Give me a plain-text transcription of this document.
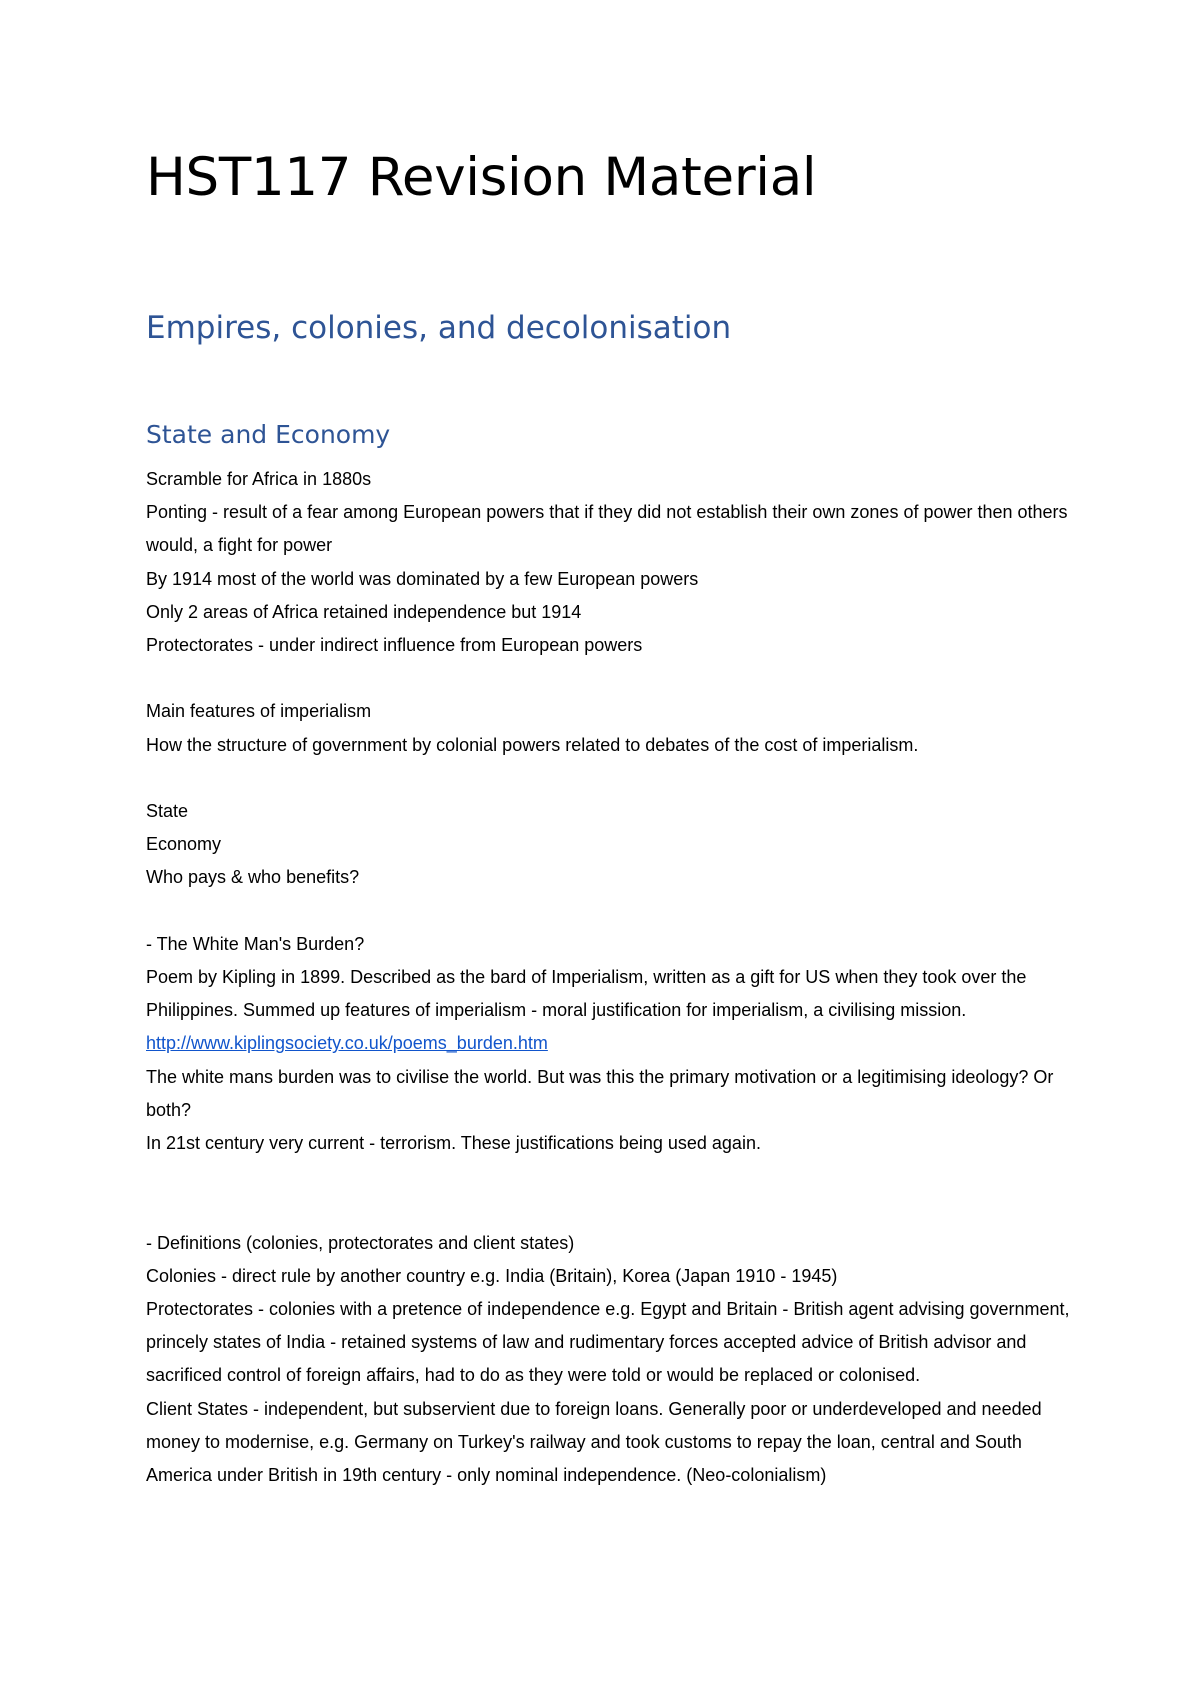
HST117 Revision Material
Empires, colonies, and decolonisation
State and Economy

Scramble for Africa in 1880s

Ponting - result of a fear among European powers that if they did not establish their own zones of power then others would, a fight for power

By 1914 most of the world was dominated by a few European powers

Only 2 areas of Africa retained independence but 1914

Protectorates - under indirect influence from European powers

Main features of imperialism

How the structure of government by colonial powers related to debates of the cost of imperialism.

State

Economy

Who pays & who benefits?

- The White Man's Burden?

Poem by Kipling in 1899. Described as the bard of Imperialism, written as a gift for US when they took over the Philippines. Summed up features of imperialism - moral justification for imperialism, a civilising mission.

http://www.kiplingsociety.co.uk/poems_burden.htm

The white mans burden was to civilise the world. But was this the primary motivation or a legitimising ideology? Or both?

In 21st century very current - terrorism. These justifications being used again.

- Definitions (colonies, protectorates and client states)

Colonies - direct rule by another country e.g. India (Britain), Korea (Japan 1910 - 1945)

Protectorates - colonies with a pretence of independence e.g. Egypt and Britain - British agent advising government, princely states of India - retained systems of law and rudimentary forces accepted advice of British advisor and sacrificed control of foreign affairs, had to do as they were told or would be replaced or colonised.

Client States - independent, but subservient due to foreign loans. Generally poor or underdeveloped and needed money to modernise, e.g. Germany on Turkey's railway and took customs to repay the loan, central and South America under British in 19th century - only nominal independence. (Neo-colonialism)
